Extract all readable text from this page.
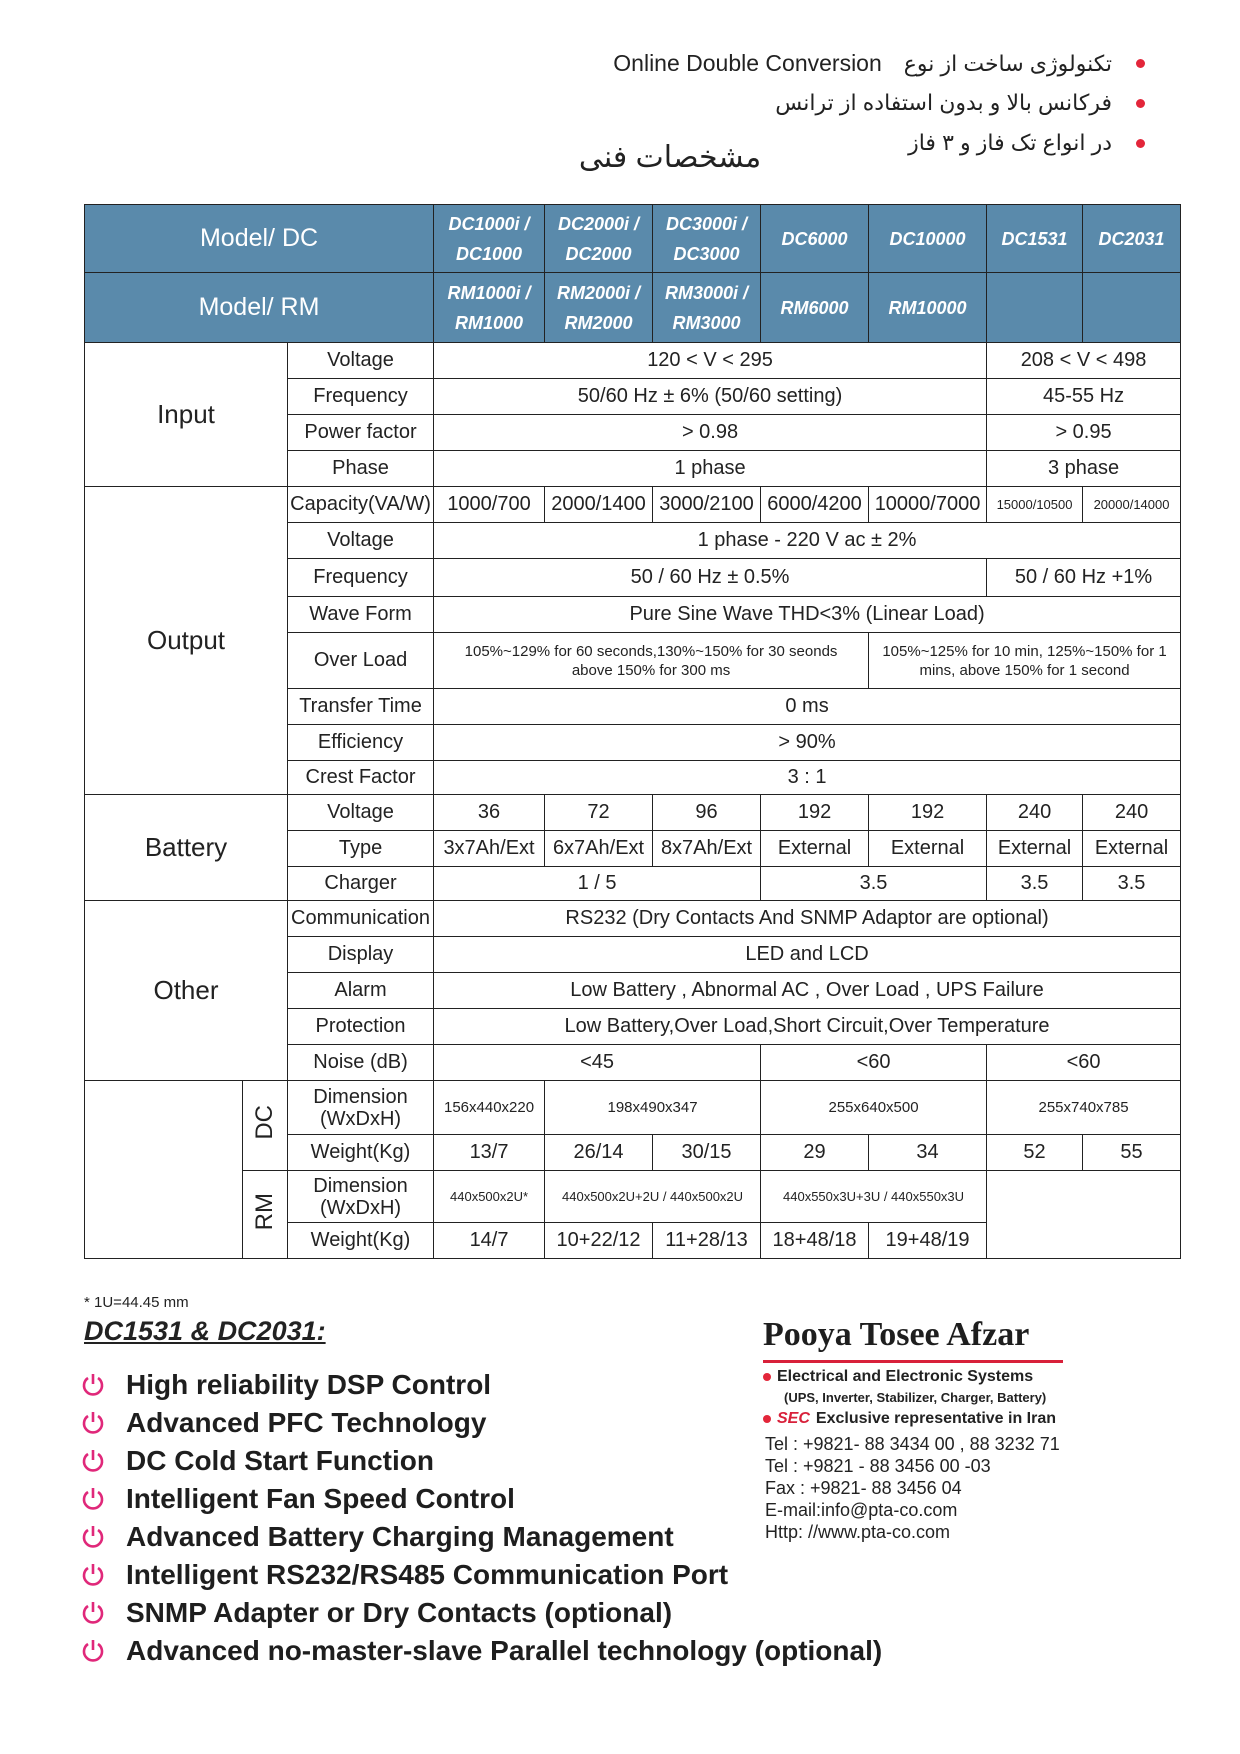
Online Double Conversion تکنولوژی ساخت از نوع
فرکانس بالا و بدون استفاده از ترانس
در انواع تک فاز و ۳ فاز
مشخصات فنی
Model/ DC			DC1000i / DC1000	DC2000i / DC2000	DC3000i / DC3000	DC6000	DC10000	DC1531	DC2031
Model/ RM			RM1000i / RM1000	RM2000i / RM2000	RM3000i / RM3000	RM6000	RM10000		
Input		Voltage	120 < V < 295					208 < V < 498	
		Frequency	50/60 Hz ± 6% (50/60 setting)					45-55 Hz	
		Power factor	> 0.98					> 0.95	
		Phase	1 phase					3 phase	
Output		Capacity(VA/W)	1000/700	2000/1400	3000/2100	6000/4200	10000/7000	15000/10500	20000/14000
		Voltage	1 phase - 220 V ac ± 2%						
		Frequency	50 / 60 Hz ± 0.5%					50 / 60 Hz +1%	
		Wave Form	Pure Sine Wave THD<3% (Linear Load)						
		Over Load	105%~129% for 60 seconds,130%~150% for 30 seonds above 150% for 300 ms				105%~125% for 10 min, 125%~150% for 1 mins, above 150% for 1 second		
		Transfer Time	0 ms						
		Efficiency	> 90%						
		Crest Factor	3 : 1						
Battery		Voltage	36	72	96	192	192	240	240
		Type	3x7Ah/Ext	6x7Ah/Ext	8x7Ah/Ext	External	External	External	External
		Charger	1 / 5			3.5		3.5	3.5
Other		Communication	RS232 (Dry Contacts And SNMP Adaptor are optional)						
		Display	LED and LCD						
		Alarm	Low Battery , Abnormal AC , Over Load , UPS Failure						
		Protection	Low Battery,Over Load,Short Circuit,Over Temperature						
		Noise (dB)	<45			<60		<60	
	DC	Dimension (WxDxH)	156x440x220	198x490x347		255x640x500		255x740x785	
		Weight(Kg)	13/7	26/14	30/15	29	34	52	55
	RM	Dimension (WxDxH)	440x500x2U*	440x500x2U+2U / 440x500x2U		440x550x3U+3U / 440x550x3U			
		Weight(Kg)	14/7	10+22/12	11+28/13	18+48/18	19+48/19		
* 1U=44.45 mm
DC1531 & DC2031:
High reliability DSP Control
Advanced PFC Technology
DC Cold Start Function
Intelligent Fan Speed Control
Advanced Battery Charging Management
Intelligent RS232/RS485 Communication Port
SNMP Adapter or Dry Contacts (optional)
Advanced no-master-slave Parallel technology (optional)
Pooya Tosee Afzar
Electrical and Electronic Systems
(UPS, Inverter, Stabilizer, Charger, Battery)
SEC Exclusive representative in Iran
Tel : +9821- 88 3434 00 , 88 3232 71
Tel : +9821 - 88 3456 00 -03
Fax : +9821- 88 3456 04
E-mail:info@pta-co.com
Http: //www.pta-co.com
